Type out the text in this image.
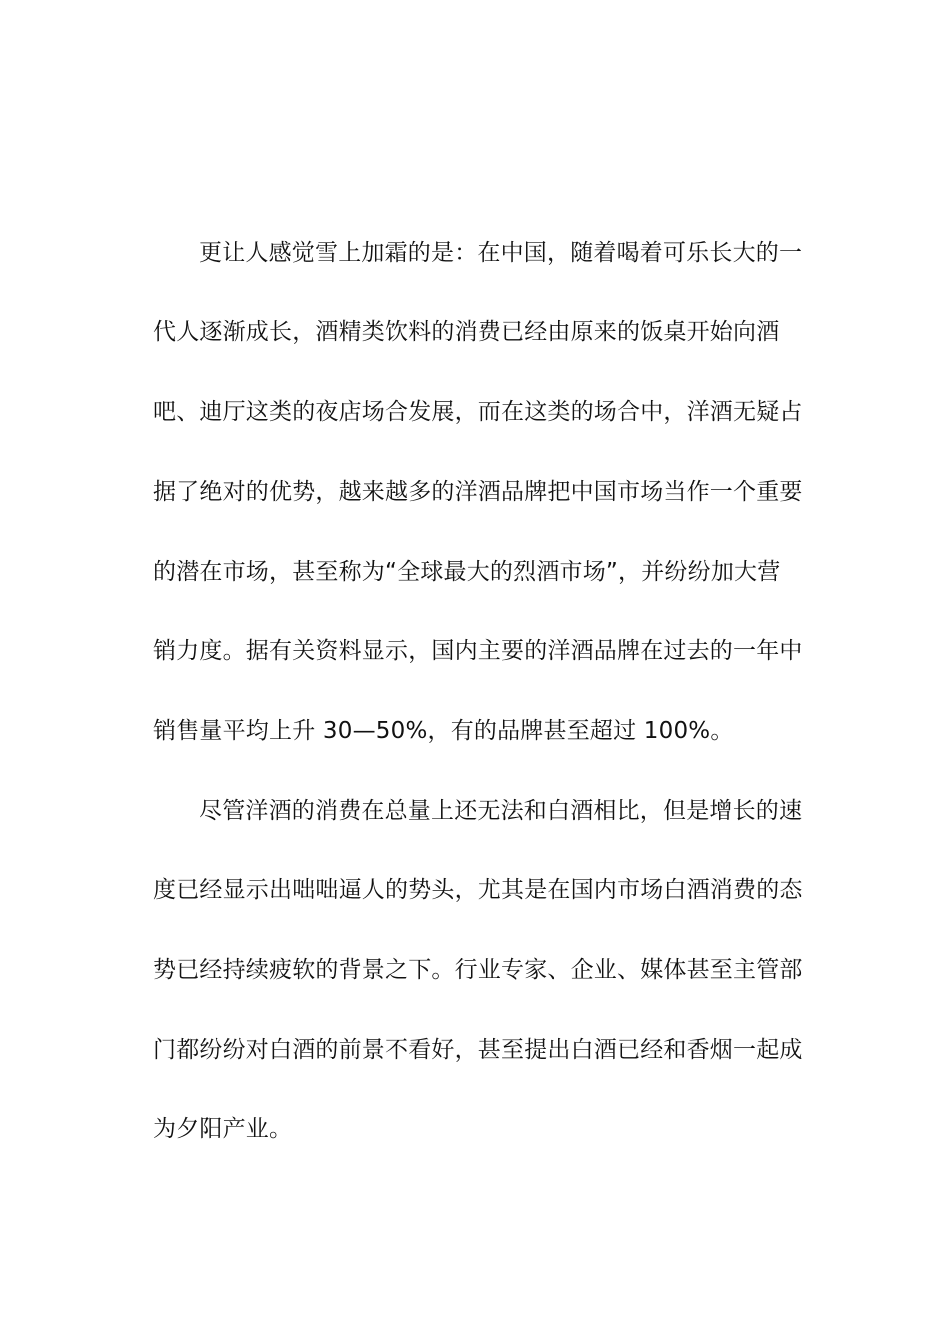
更让人感觉雪上加霜的是：在中国，随着喝着可乐长大的一
代人逐渐成长，酒精类饮料的消费已经由原来的饭桌开始向酒
吧、迪厅这类的夜店场合发展，而在这类的场合中，洋酒无疑占
据了绝对的优势，越来越多的洋酒品牌把中国市场当作一个重要
的潜在市场，甚至称为“全球最大的烈酒市场”，并纷纷加大营
销力度。据有关资料显示，国内主要的洋酒品牌在过去的一年中
销售量平均上升 30—50%，有的品牌甚至超过 100%。
尽管洋酒的消费在总量上还无法和白酒相比，但是增长的速
度已经显示出咄咄逼人的势头，尤其是在国内市场白酒消费的态
势已经持续疲软的背景之下。行业专家、企业、媒体甚至主管部
门都纷纷对白酒的前景不看好，甚至提出白酒已经和香烟一起成
为夕阳产业。
